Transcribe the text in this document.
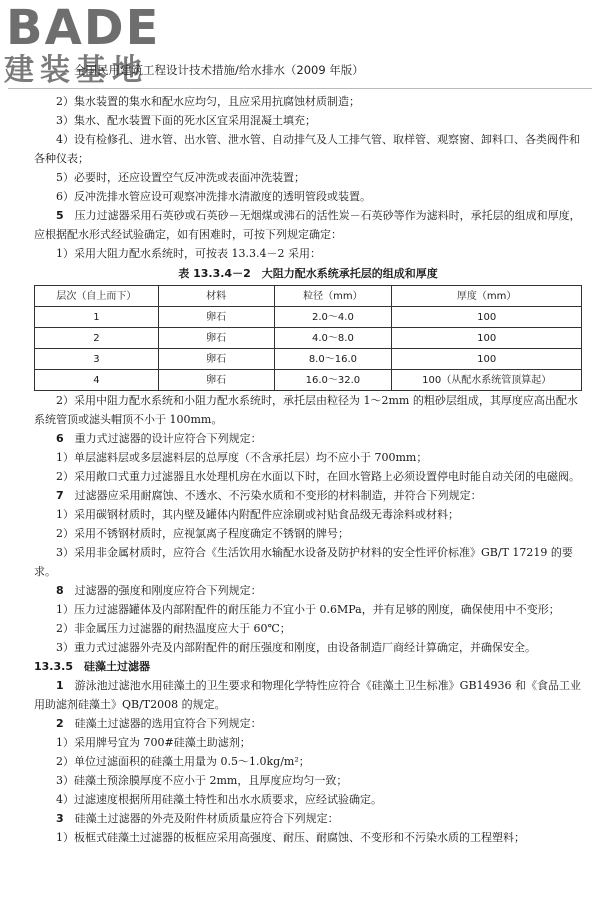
BADE
建装基地
全国民用建筑工程设计技术措施/给水排水（2009 年版）

2）集水装置的集水和配水应均匀，且应采用抗腐蚀材质制造；

3）集水、配水装置下面的死水区宜采用混凝土填充；

4）设有检修孔、进水管、出水管、泄水管、自动排气及人工排气管、取样管、观察窗、卸料口、各类阀件和各种仪表；

5）必要时，还应设置空气反冲洗或表面冲洗装置；

6）反冲洗排水管应设可观察冲洗排水清澈度的透明管段或装置。

5　 压力过滤器采用石英砂或石英砂－无烟煤或沸石的活性炭－石英砂等作为滤料时，承托层的组成和厚度，应根据配水形式经试验确定，如有困难时，可按下列规定确定：

1）采用大阻力配水系统时，可按表 13.3.4－2 采用：

表 13.3.4－2　大阻力配水系统承托层的组成和厚度
层次（自上而下）	材料	粒径（mm）	厚度（mm）
1	卵石	2.0～4.0	100
2	卵石	4.0～8.0	100
3	卵石	8.0～16.0	100
4	卵石	16.0～32.0	100（从配水系统管顶算起）

2）采用中阻力配水系统和小阻力配水系统时，承托层由粒径为 1～2mm 的粗砂层组成，其厚度应高出配水系统管顶或滤头帽顶不小于 100mm。

6　 重力式过滤器的设计应符合下列规定：

1）单层滤料层或多层滤料层的总厚度（不含承托层）均不应小于 700mm；

2）采用敞口式重力过滤器且水处理机房在水面以下时，在回水管路上必须设置停电时能自动关闭的电磁阀。

7　 过滤器应采用耐腐蚀、不透水、不污染水质和不变形的材料制造，并符合下列规定：

1）采用碳钢材质时，其内壁及罐体内附配件应涂刷或衬贴食品级无毒涂料或材料；

2）采用不锈钢材质时，应视氯离子程度确定不锈钢的牌号；

3）采用非金属材质时，应符合《生活饮用水输配水设备及防护材料的安全性评价标准》GB/T 17219 的要求。

8　 过滤器的强度和刚度应符合下列规定：

1）压力过滤器罐体及内部附配件的耐压能力不宜小于 0.6MPa，并有足够的刚度，确保使用中不变形；

2）非金属压力过滤器的耐热温度应大于 60℃；

3）重力式过滤器外壳及内部附配件的耐压强度和刚度，由设备制造厂商经计算确定，并确保安全。

13.3.5　 硅藻土过滤器

1　 游泳池过滤池水用硅藻土的卫生要求和物理化学特性应符合《硅藻土卫生标准》GB14936 和《食品工业用助滤剂硅藻土》QB/T2008 的规定。

2　 硅藻土过滤器的选用宜符合下列规定：

1）采用牌号宜为 700#硅藻土助滤剂；

2）单位过滤面积的硅藻土用量为 0.5～1.0kg/m²；

3）硅藻土预涂膜厚度不应小于 2mm，且厚度应均匀一致；

4）过滤速度根据所用硅藻土特性和出水水质要求，应经试验确定。

3　 硅藻土过滤器的外壳及附件材质质量应符合下列规定：

1）板框式硅藻土过滤器的板框应采用高强度、耐压、耐腐蚀、不变形和不污染水质的工程塑料；
